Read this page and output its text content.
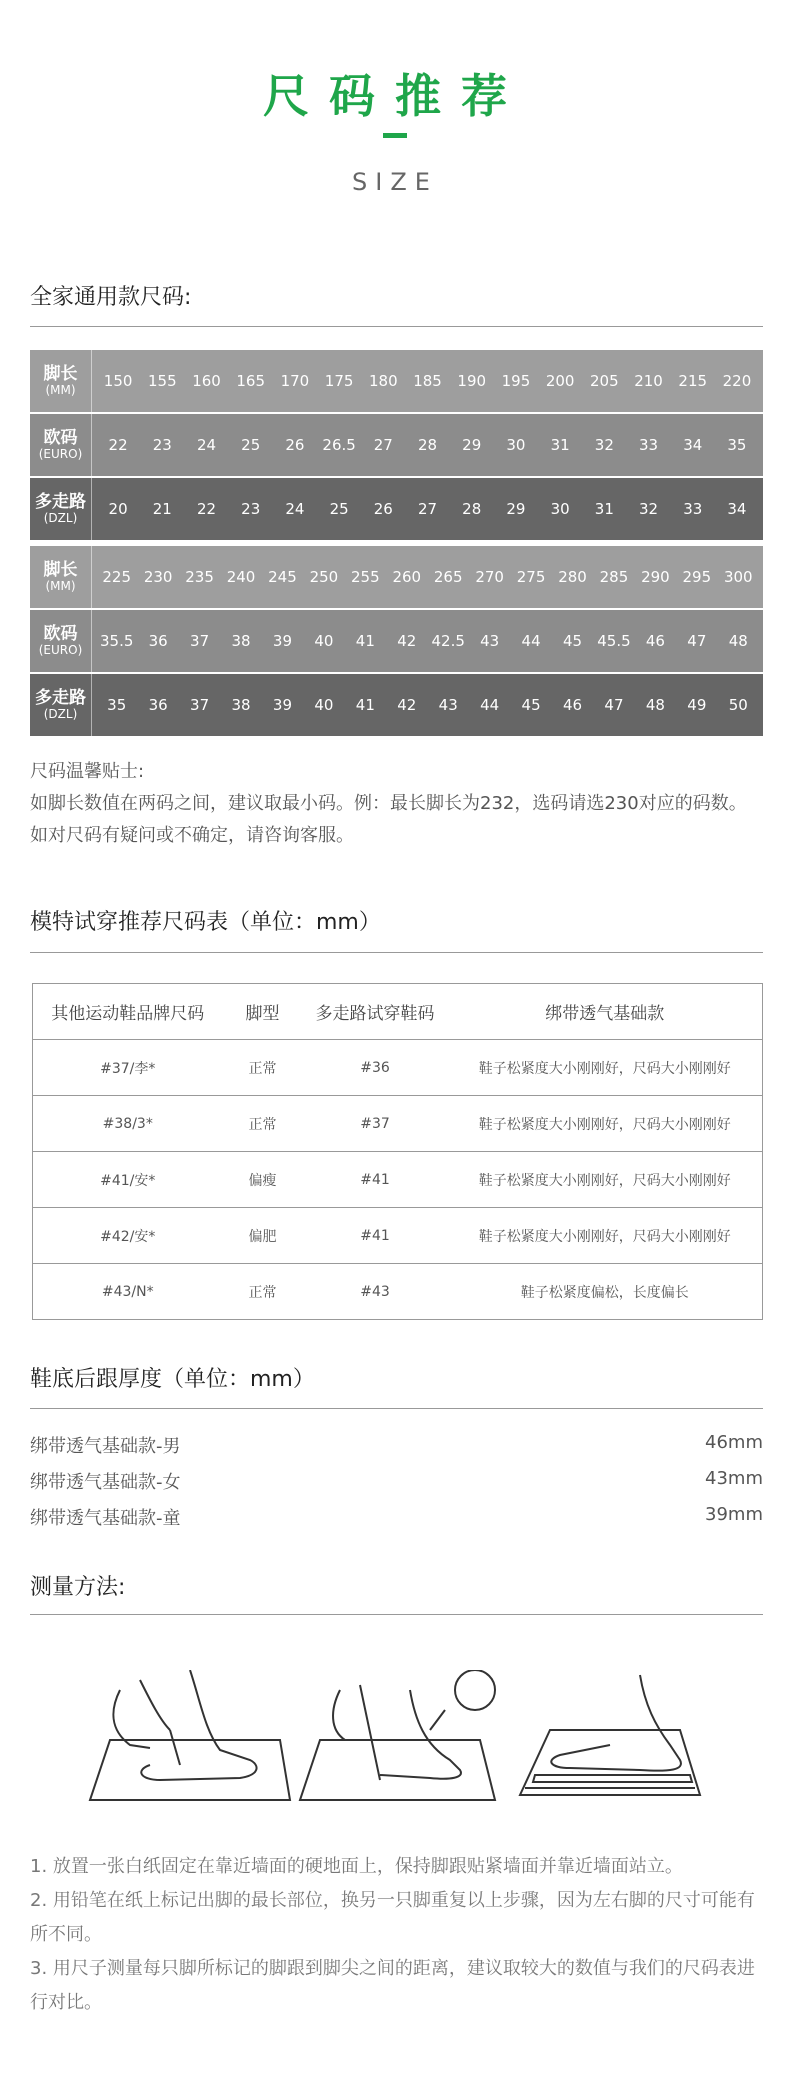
尺码推荐
SIZE
全家通用款尺码:
脚长
(MM)	150	155	160	165	170	175	180	185	190	195	200	205	210	215	220
欧码
(EURO)	22	23	24	25	26	26.5	27	28	29	30	31	32	33	34	35
多走路
(DZL)	20	21	22	23	24	25	26	27	28	29	30	31	32	33	34
脚长
(MM)	225 230 235 240 245 250 255 260 265 270 275 280 285 290 295 300
欧码
(EURO)	35.5	36	37	38	39	40	41	42	42.5	43	44	45	45.5	46	47	48
多走路
(DZL)	35	36	37	38	39	40	41	42	43	44	45	46	47	48	49	50
尺码温馨贴士:
如脚长数值在两码之间，建议取最小码。例：最长脚长为232，选码请选230对应的码数。
如对尺码有疑问或不确定，请咨询客服。
模特试穿推荐尺码表（单位：mm）
其他运动鞋品牌尺码	脚型	多走路试穿鞋码	绑带透气基础款
#37/李*	正常	#36	鞋子松紧度大小刚刚好，尺码大小刚刚好
#38/3*	正常	#37	鞋子松紧度大小刚刚好，尺码大小刚刚好
#41/安*	偏瘦	#41	鞋子松紧度大小刚刚好，尺码大小刚刚好
#42/安*	偏肥	#41	鞋子松紧度大小刚刚好，尺码大小刚刚好
#43/N*	正常	#43	鞋子松紧度偏松，长度偏长
鞋底后跟厚度（单位：mm）
绑带透气基础款-男	46mm
绑带透气基础款-女	43mm
绑带透气基础款-童	39mm
测量方法:
1. 放置一张白纸固定在靠近墙面的硬地面上，保持脚跟贴紧墙面并靠近墙面站立。
2. 用铅笔在纸上标记出脚的最长部位，换另一只脚重复以上步骤，因为左右脚的尺寸可能有所不同。
3. 用尺子测量每只脚所标记的脚跟到脚尖之间的距离，建议取较大的数值与我们的尺码表进行对比。
